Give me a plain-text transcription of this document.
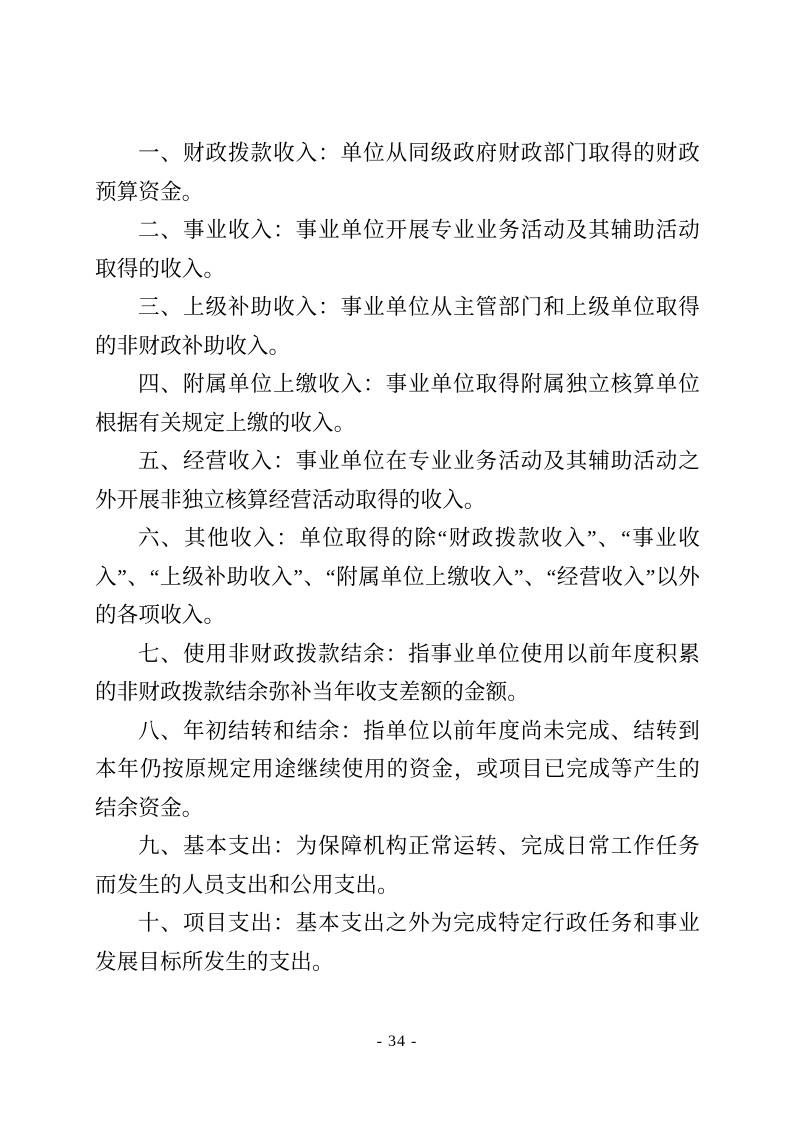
一、财政拨款收入：单位从同级政府财政部门取得的财政预算资金。

二、事业收入：事业单位开展专业业务活动及其辅助活动取得的收入。

三、上级补助收入：事业单位从主管部门和上级单位取得的非财政补助收入。

四、附属单位上缴收入：事业单位取得附属独立核算单位根据有关规定上缴的收入。

五、经营收入：事业单位在专业业务活动及其辅助活动之外开展非独立核算经营活动取得的收入。

六、其他收入：单位取得的除“财政拨款收入”、“事业收入”、“上级补助收入”、“附属单位上缴收入”、“经营收入”以外的各项收入。

七、使用非财政拨款结余：指事业单位使用以前年度积累的非财政拨款结余弥补当年收支差额的金额。

八、年初结转和结余：指单位以前年度尚未完成、结转到本年仍按原规定用途继续使用的资金，或项目已完成等产生的结余资金。

九、基本支出：为保障机构正常运转、完成日常工作任务而发生的人员支出和公用支出。

十、项目支出：基本支出之外为完成特定行政任务和事业发展目标所发生的支出。

- 34 -
